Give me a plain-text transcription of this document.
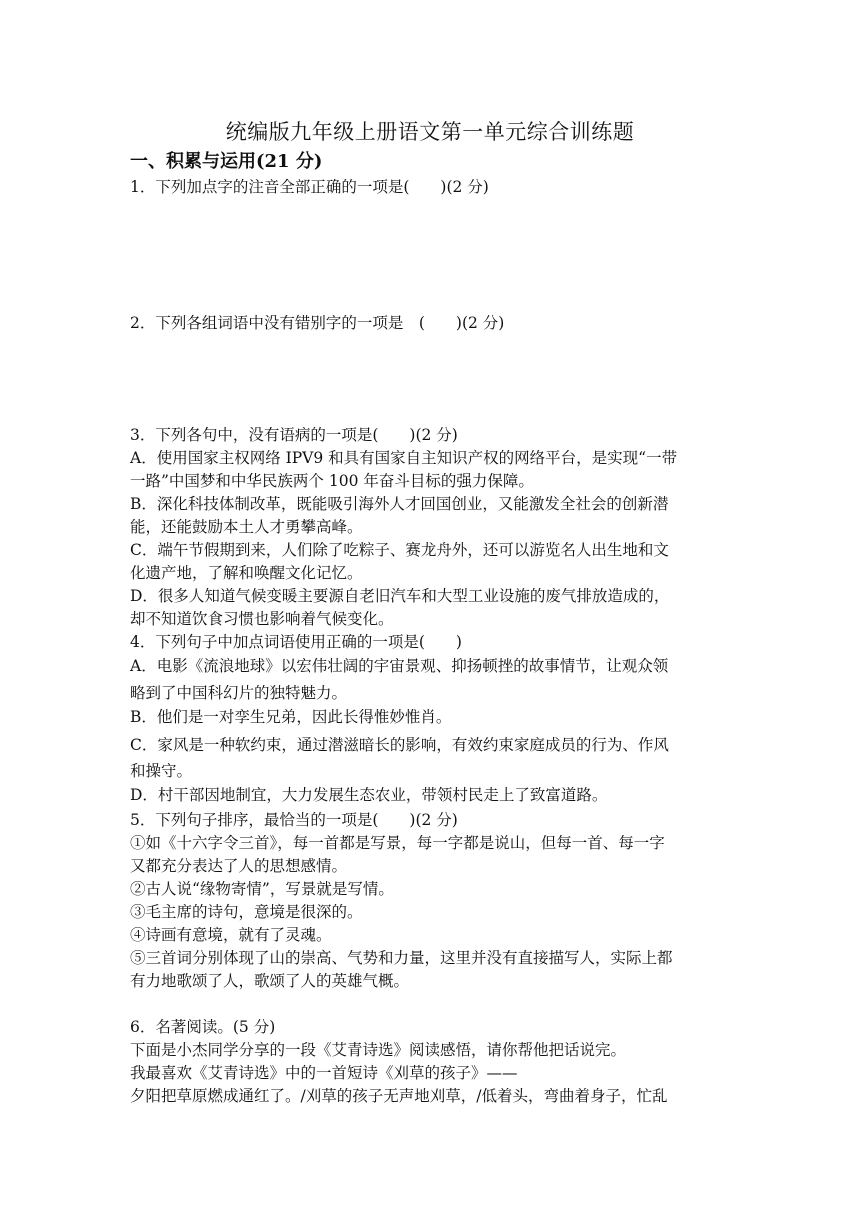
统编版九年级上册语文第一单元综合训练题
一、积累与运用(21 分)
1．下列加点字的注音全部正确的一项是(　　)(2 分)
2．下列各组词语中没有错别字的一项是　(　　)(2 分)
3．下列各句中，没有语病的一项是(　　)(2 分)
A．使用国家主权网络 IPV9 和具有国家自主知识产权的网络平台，是实现“一带
一路”中国梦和中华民族两个 100 年奋斗目标的强力保障。
B．深化科技体制改革，既能吸引海外人才回国创业，又能激发全社会的创新潜
能，还能鼓励本土人才勇攀高峰。
C．端午节假期到来，人们除了吃粽子、赛龙舟外，还可以游览名人出生地和文
化遗产地，了解和唤醒文化记忆。
D．很多人知道气候变暖主要源自老旧汽车和大型工业设施的废气排放造成的，
却不知道饮食习惯也影响着气候变化。
4．下列句子中加点词语使用正确的一项是(　　)
A．电影《流浪地球》以宏伟壮阔的宇宙景观、抑扬顿挫的故事情节，让观众领
略到了中国科幻片的独特魅力。
B．他们是一对孪生兄弟，因此长得惟妙惟肖。
C．家风是一种软约束，通过潜滋暗长的影响，有效约束家庭成员的行为、作风
和操守。
D．村干部因地制宜，大力发展生态农业，带领村民走上了致富道路。
5．下列句子排序，最恰当的一项是(　　)(2 分)
①如《十六字令三首》，每一首都是写景，每一字都是说山，但每一首、每一字
又都充分表达了人的思想感情。
②古人说“缘物寄情”，写景就是写情。
③毛主席的诗句，意境是很深的。
④诗画有意境，就有了灵魂。
⑤三首词分别体现了山的崇高、气势和力量，这里并没有直接描写人，实际上都
有力地歌颂了人，歌颂了人的英雄气概。
6．名著阅读。(5 分)
下面是小杰同学分享的一段《艾青诗选》阅读感悟，请你帮他把话说完。
我最喜欢《艾青诗选》中的一首短诗《刈草的孩子》——
夕阳把草原燃成通红了。/刈草的孩子无声地刈草，/低着头，弯曲着身子，忙乱
